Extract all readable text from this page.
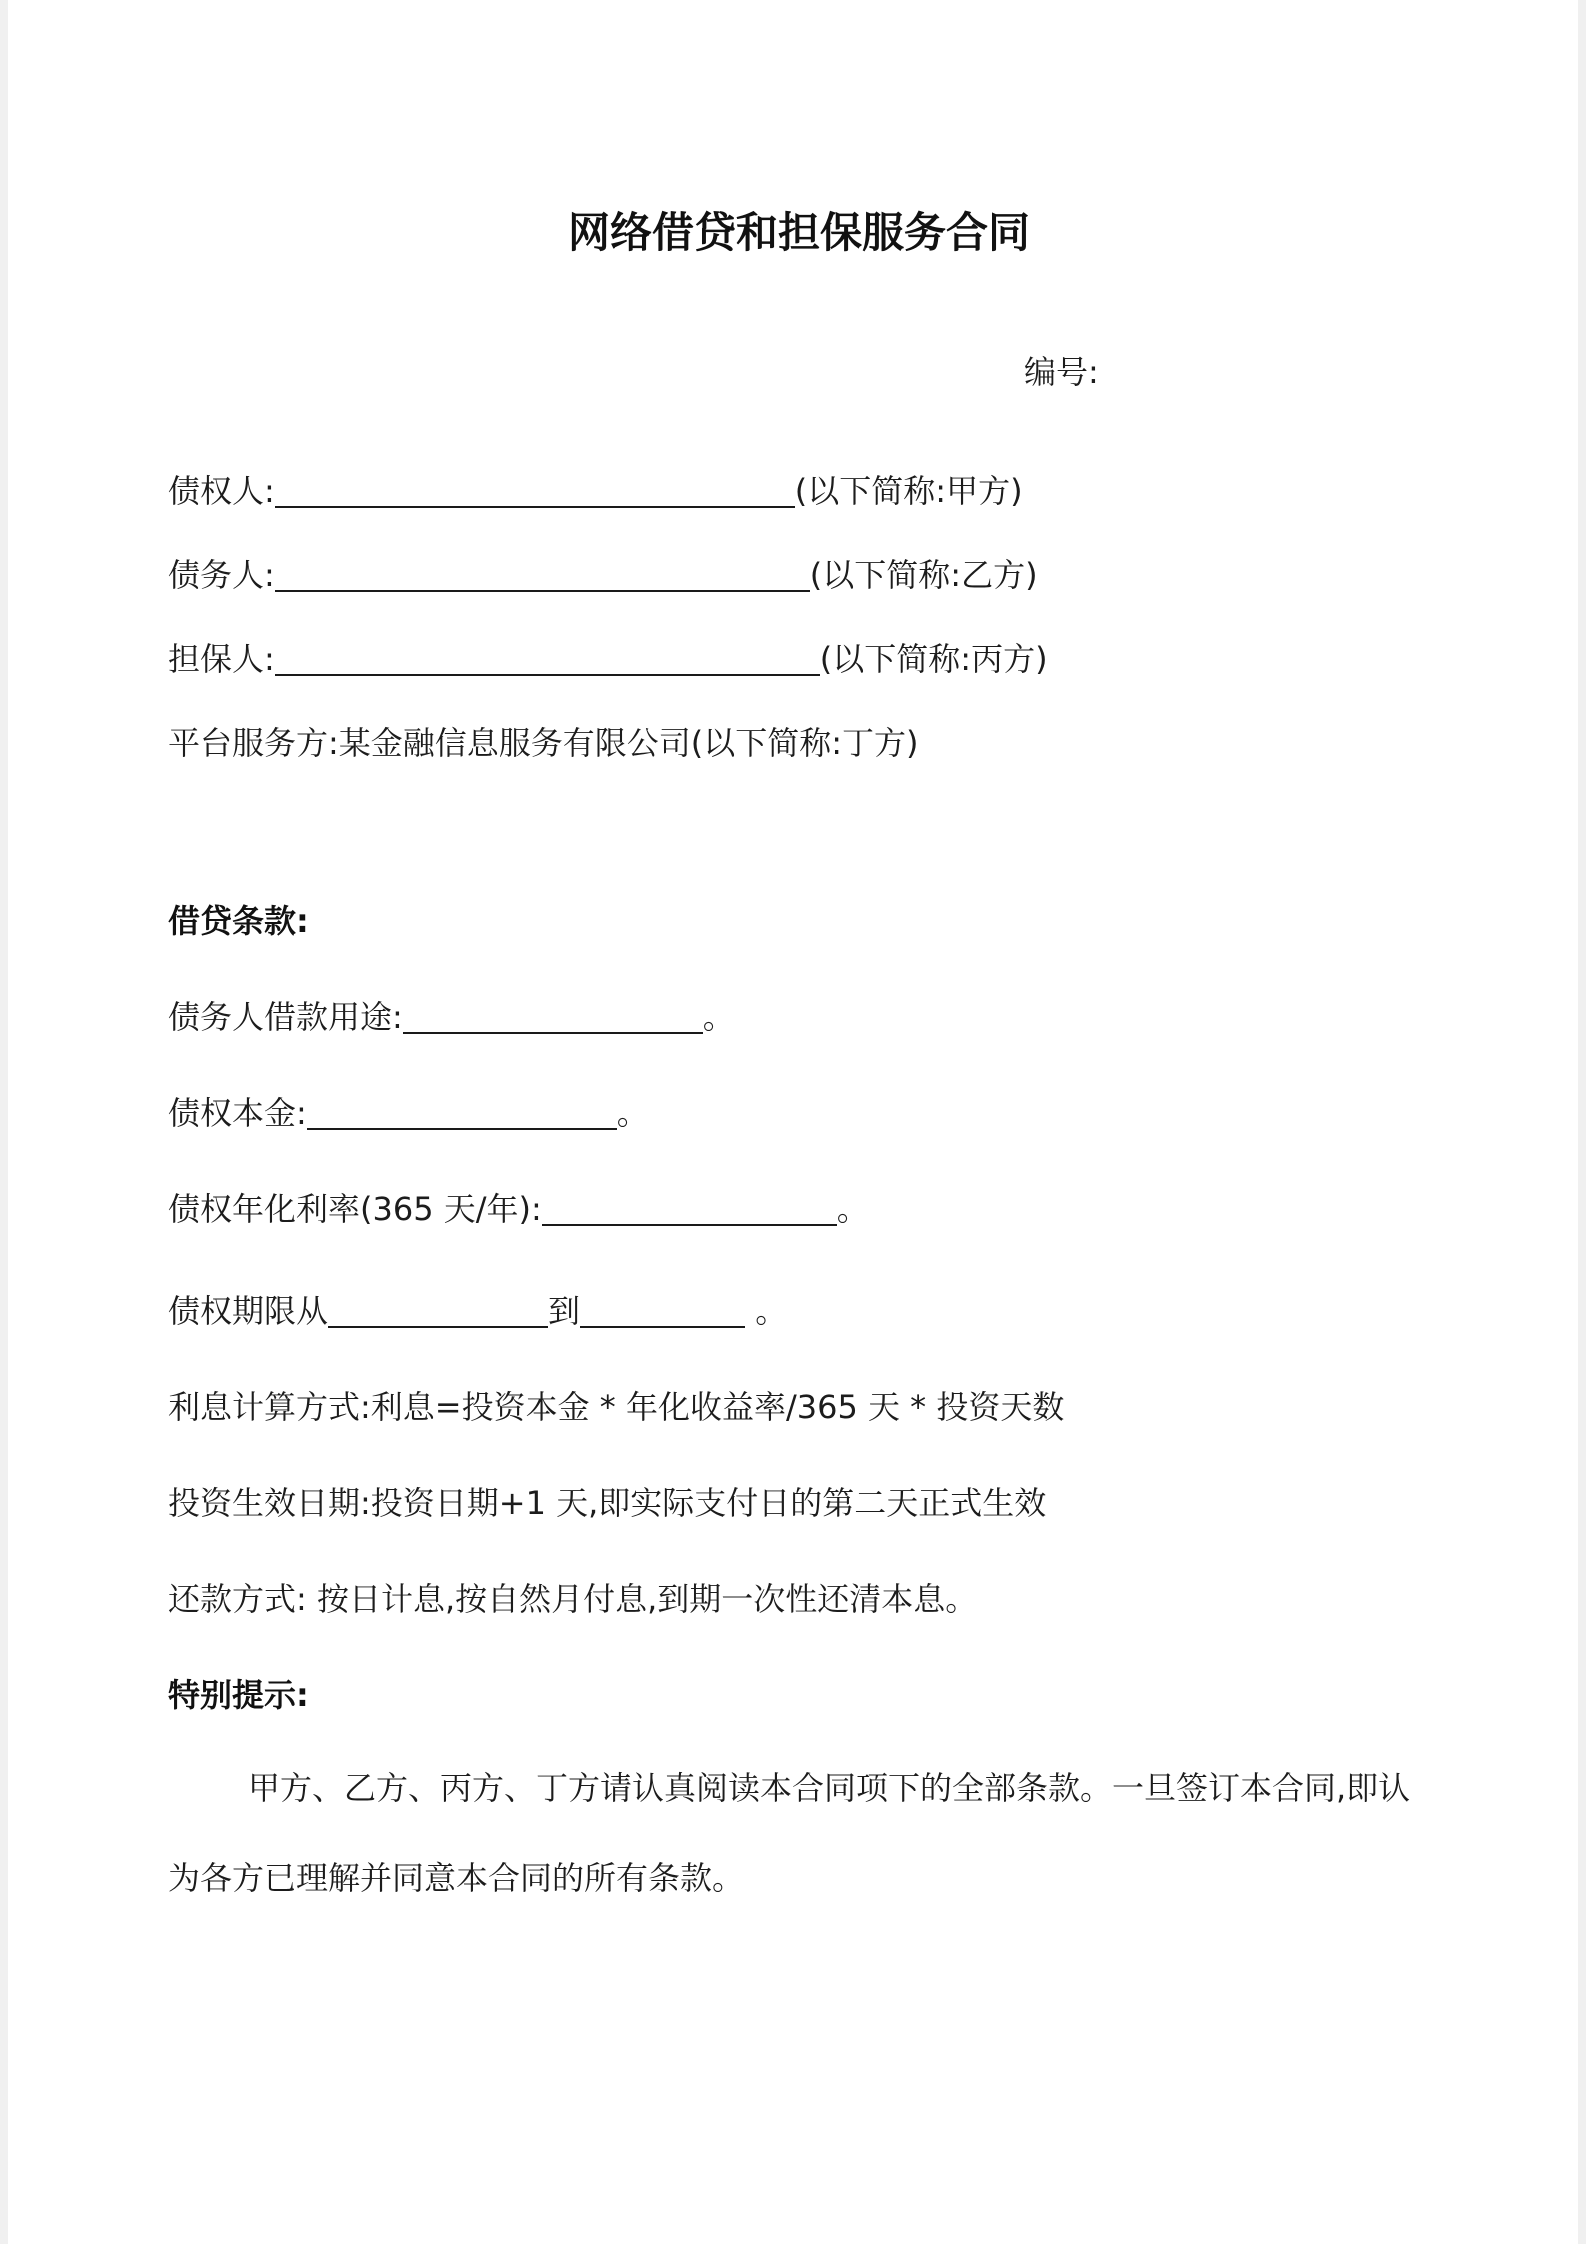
网络借贷和担保服务合同

编号:

债权人:	(以下简称:甲方)

债务人:	(以下简称:乙方)

担保人:	(以下简称:丙方)

平台服务方:某金融信息服务有限公司(以下简称:丁方)

借贷条款:

债务人借款用途:	。

债权本金:	。

债权年化利率(365 天/年):	。

债权期限从	到	。

利息计算方式:利息=投资本金 * 年化收益率/365 天 * 投资天数

投资生效日期:投资日期+1 天,即实际支付日的第二天正式生效

还款方式: 按日计息,按自然月付息,到期一次性还清本息。

特别提示:

甲方、乙方、丙方、丁方请认真阅读本合同项下的全部条款。一旦签订本合同,即认
为各方已理解并同意本合同的所有条款。
